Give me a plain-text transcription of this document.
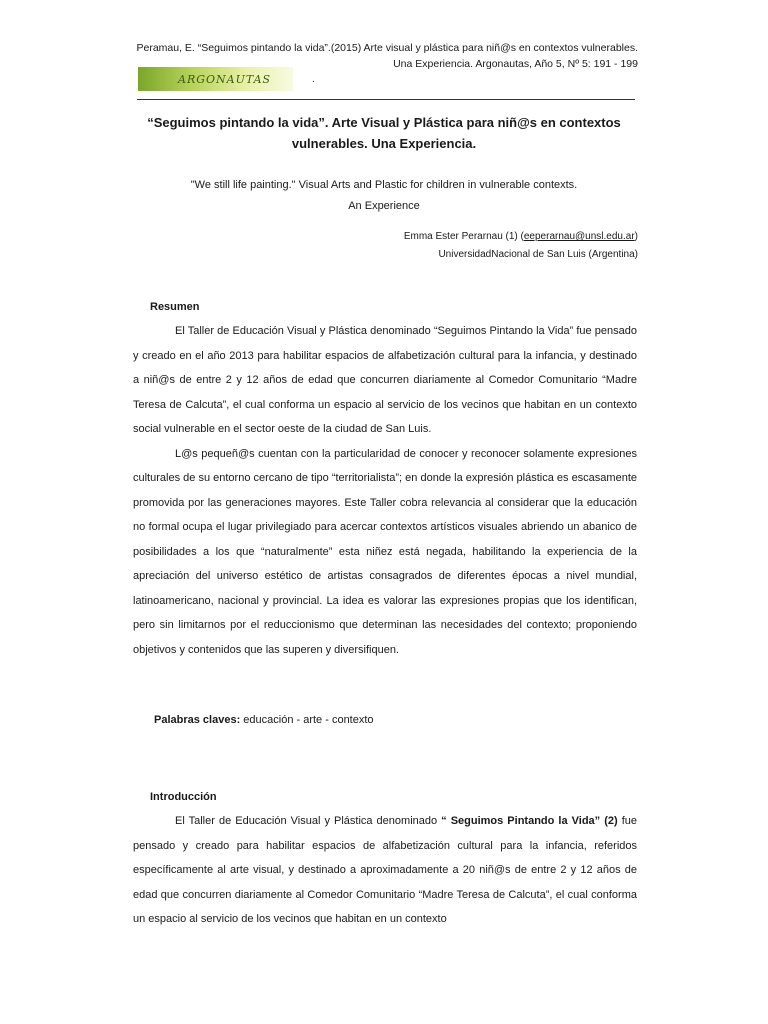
Peramau, E. “Seguimos pintando la vida”.(2015) Arte visual y plástica para niñ@s en contextos vulnerables.
Una Experiencia. Argonautas, Año 5, Nº 5: 191 - 199
ARGONAUTAS	.
“Seguimos pintando la vida”. Arte Visual y Plástica para niñ@s en contextos
vulnerables. Una Experiencia.
"We still life painting." Visual Arts and Plastic for children in vulnerable contexts.
An Experience
Emma Ester Perarnau (1) (eeperarnau@unsl.edu.ar)
UniversidadNacional de San Luis (Argentina)
Resumen

El Taller de Educación Visual y Plástica denominado “Seguimos Pintando la Vida” fue pensado y creado en el año 2013 para habilitar espacios de alfabetización cultural para la infancia, y destinado a niñ@s de entre 2 y 12 años de edad que concurren diariamente al Comedor Comunitario “Madre Teresa de Calcuta”, el cual conforma un espacio al servicio de los vecinos que habitan en un contexto social vulnerable en el sector oeste de la ciudad de San Luis.

L@s pequeñ@s cuentan con la particularidad de conocer y reconocer solamente expresiones culturales de su entorno cercano de tipo “territorialista”; en donde la expresión plástica es escasamente promovida por las generaciones mayores. Este Taller cobra relevancia al considerar que la educación no formal ocupa el lugar privilegiado para acercar contextos artísticos visuales abriendo un abanico de posibilidades a los que “naturalmente” esta niñez está negada, habilitando la experiencia de la apreciación del universo estético de artistas consagrados de diferentes épocas a nivel mundial, latinoamericano, nacional y provincial. La idea es valorar las expresiones propias que los identifican, pero sin limitarnos por el reduccionismo que determinan las necesidades del contexto; proponiendo objetivos y contenidos que las superen y diversifiquen.

Palabras claves: educación - arte - contexto
Introducción

El Taller de Educación Visual y Plástica denominado “ Seguimos Pintando la Vida” (2) fue pensado y creado para habilitar espacios de alfabetización cultural para la infancia, referidos específicamente al arte visual, y destinado a aproximadamente a 20 niñ@s de entre 2 y 12 años de edad que concurren diariamente al Comedor Comunitario “Madre Teresa de Calcuta”, el cual conforma un espacio al servicio de los vecinos que habitan en un contexto
